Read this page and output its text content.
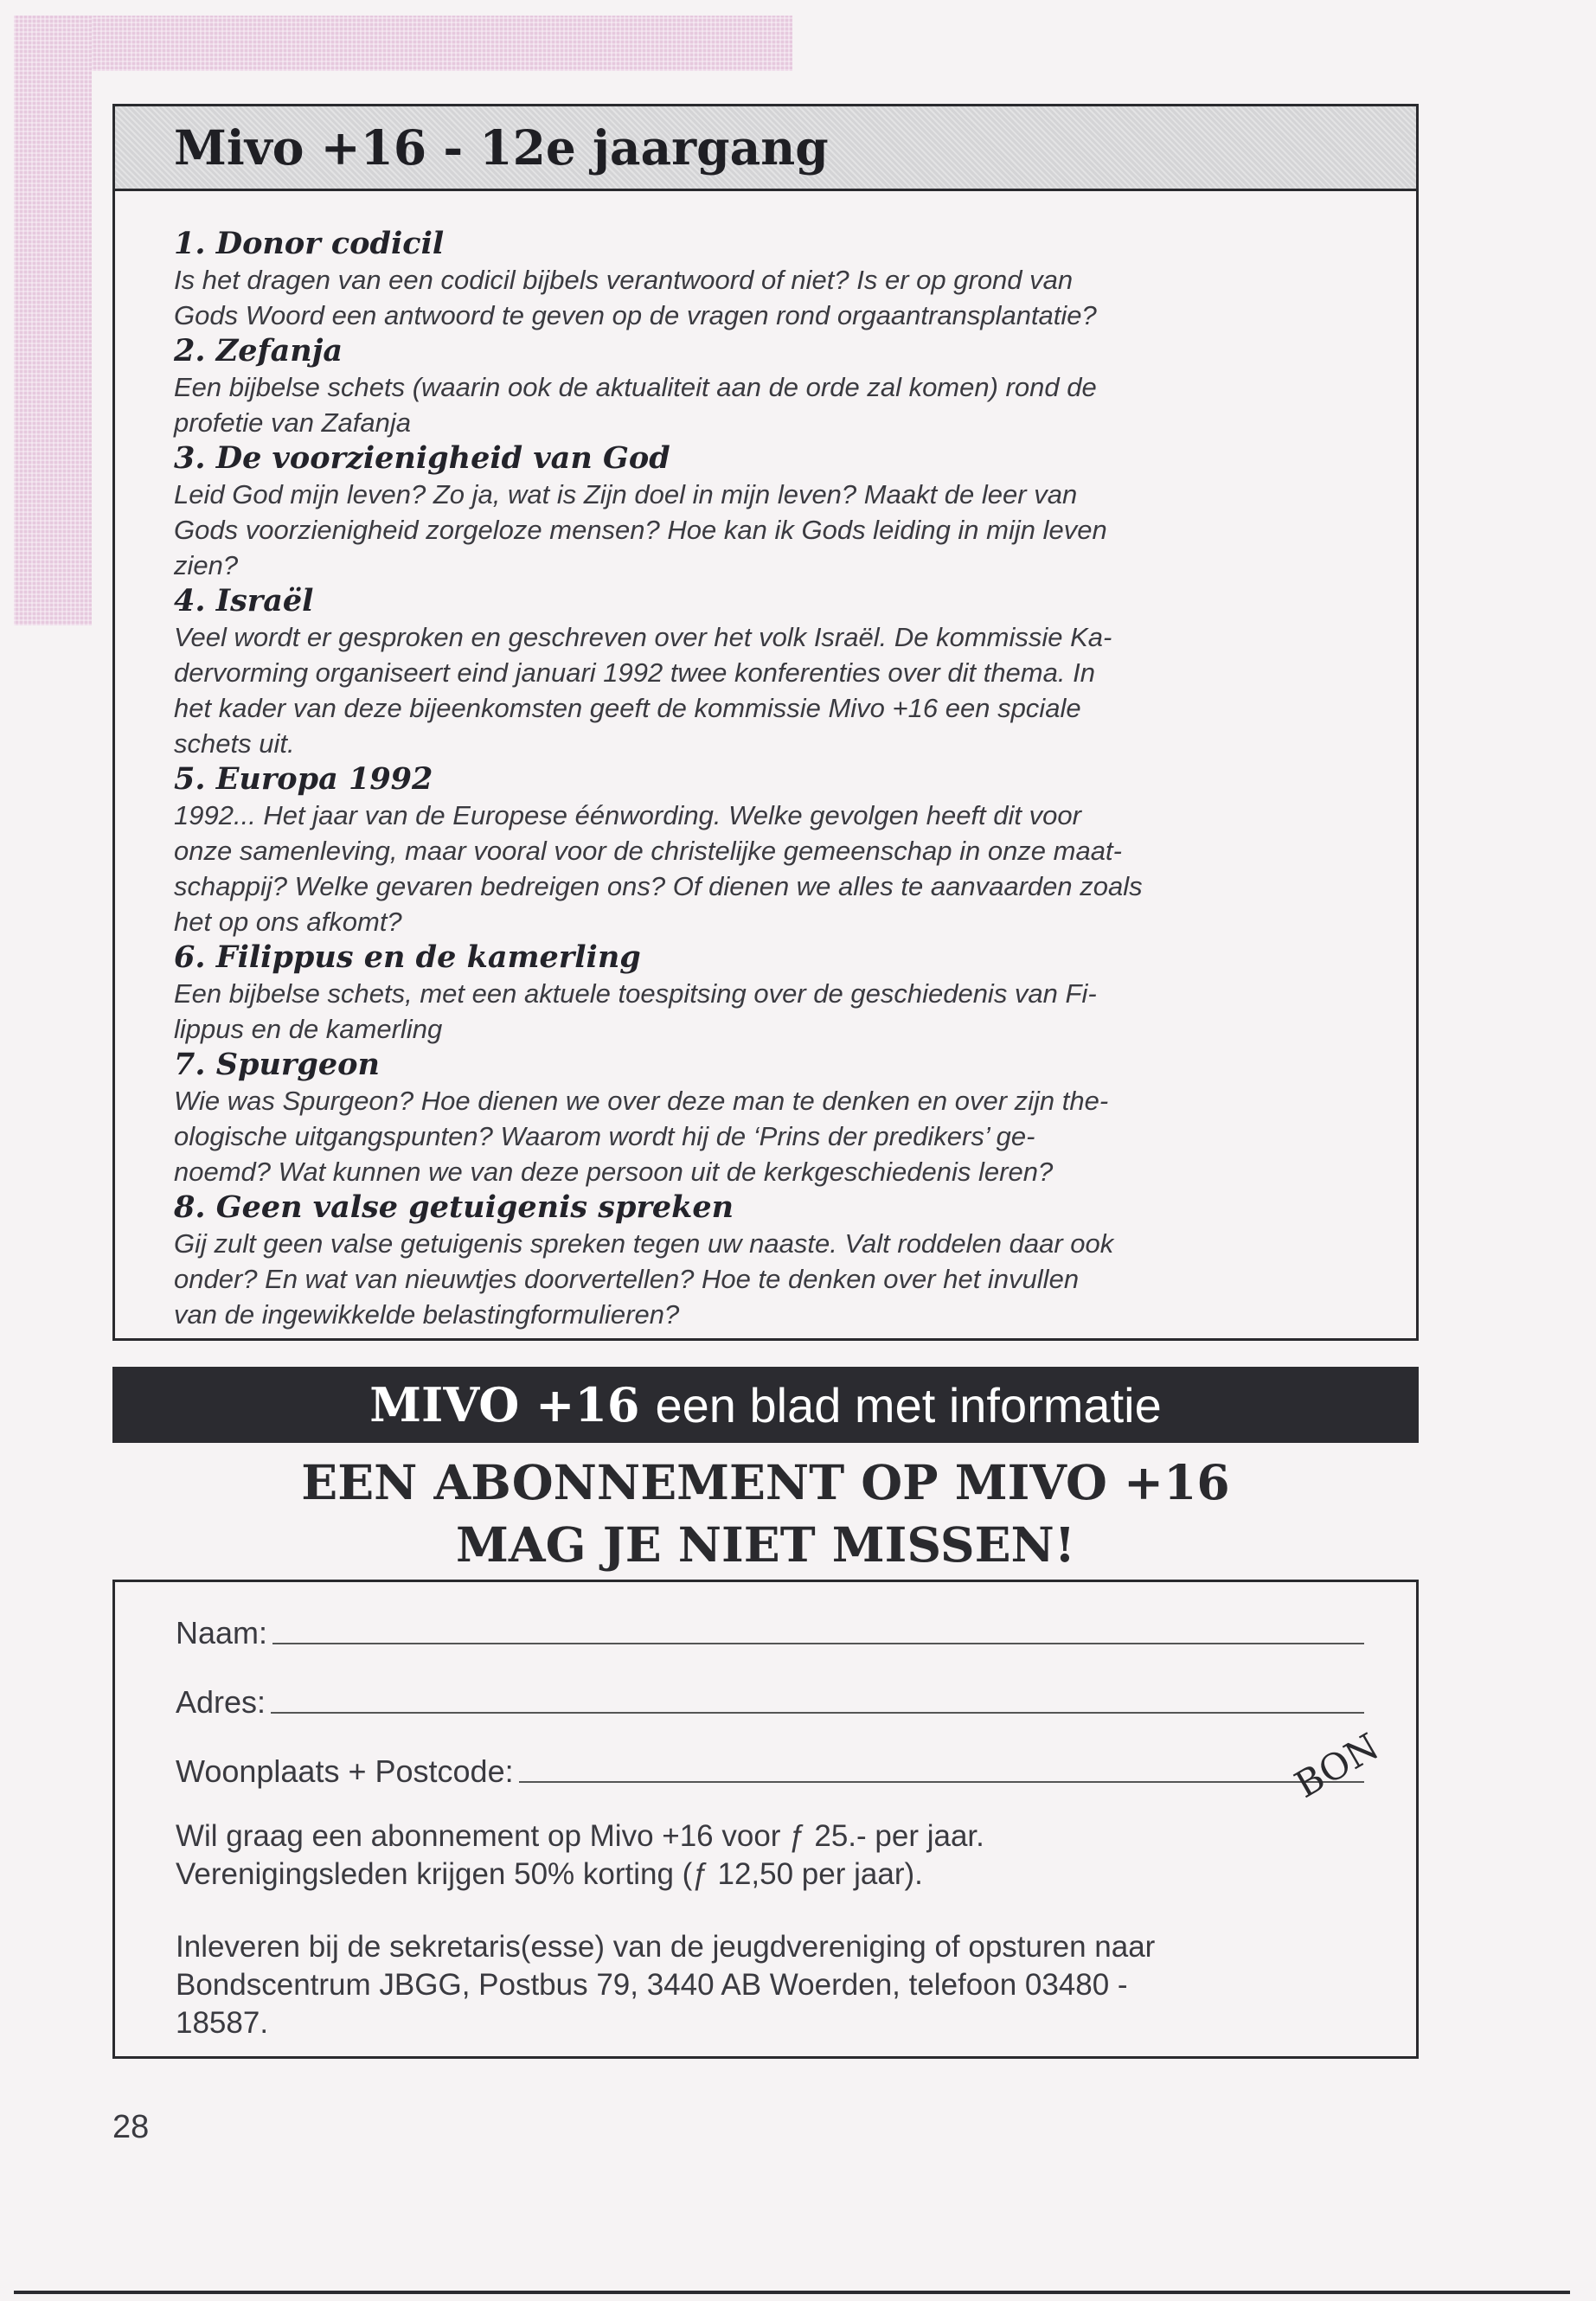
Mivo +16 - 12e jaargang
1. Donor codicil
Is het dragen van een codicil bijbels verantwoord of niet? Is er op grond van
Gods Woord een antwoord te geven op de vragen rond orgaantransplantatie?
2. Zefanja
Een bijbelse schets (waarin ook de aktualiteit aan de orde zal komen) rond de
profetie van Zafanja
3. De voorzienigheid van God
Leid God mijn leven? Zo ja, wat is Zijn doel in mijn leven? Maakt de leer van
Gods voorzienigheid zorgeloze mensen? Hoe kan ik Gods leiding in mijn leven
zien?
4. Israël
Veel wordt er gesproken en geschreven over het volk Israël. De kommissie Ka-
dervorming organiseert eind januari 1992 twee konferenties over dit thema. In
het kader van deze bijeenkomsten geeft de kommissie Mivo +16 een spciale
schets uit.
5. Europa 1992
1992... Het jaar van de Europese éénwording. Welke gevolgen heeft dit voor
onze samenleving, maar vooral voor de christelijke gemeenschap in onze maat-
schappij? Welke gevaren bedreigen ons? Of dienen we alles te aanvaarden zoals
het op ons afkomt?
6. Filippus en de kamerling
Een bijbelse schets, met een aktuele toespitsing over de geschiedenis van Fi-
lippus en de kamerling
7. Spurgeon
Wie was Spurgeon? Hoe dienen we over deze man te denken en over zijn the-
ologische uitgangspunten? Waarom wordt hij de ‘Prins der predikers’ ge-
noemd? Wat kunnen we van deze persoon uit de kerkgeschiedenis leren?
8. Geen valse getuigenis spreken
Gij zult geen valse getuigenis spreken tegen uw naaste. Valt roddelen daar ook
onder? En wat van nieuwtjes doorvertellen? Hoe te denken over het invullen
van de ingewikkelde belastingformulieren?
MIVO +16 een blad met informatie
EEN ABONNEMENT OP MIVO +16
MAG JE NIET MISSEN!
Naam:
Adres:
Woonplaats + Postcode:
Wil graag een abonnement op Mivo +16 voor ƒ 25.- per jaar.
Verenigingsleden krijgen 50% korting (ƒ 12,50 per jaar).
Inleveren bij de sekretaris(esse) van de jeugdvereniging of opsturen naar
Bondscentrum JBGG, Postbus 79, 3440 AB Woerden, telefoon 03480 -
18587.
BON
28
